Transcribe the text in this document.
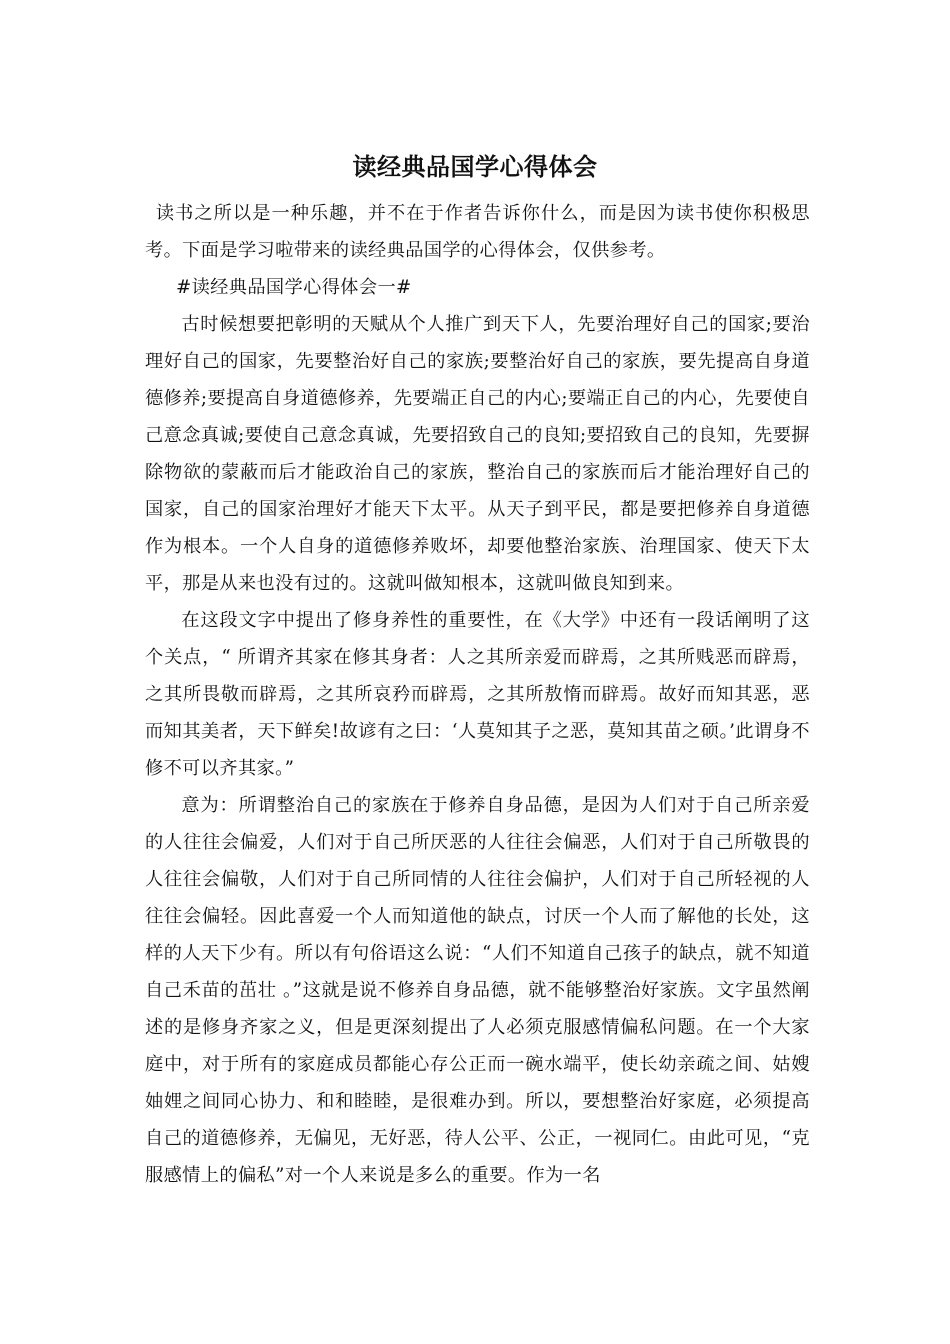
读经典品国学心得体会

读书之所以是一种乐趣，并不在于作者告诉你什么，而是因为读书使你积极思考。下面是学习啦带来的读经典品国学的心得体会，仅供参考。

#读经典品国学心得体会一#

古时候想要把彰明的天赋从个人推广到天下人，先要治理好自己的国家;要治理好自己的国家，先要整治好自己的家族;要整治好自己的家族，要先提高自身道德修养;要提高自身道德修养，先要端正自己的内心;要端正自己的内心，先要使自己意念真诚;要使自己意念真诚，先要招致自己的良知;要招致自己的良知，先要摒除物欲的蒙蔽而后才能政治自己的家族，整治自己的家族而后才能治理好自己的国家，自己的国家治理好才能天下太平。从天子到平民，都是要把修养自身道德作为根本。一个人自身的道德修养败坏，却要他整治家族、治理国家、使天下太平，那是从来也没有过的。这就叫做知根本，这就叫做良知到来。

在这段文字中提出了修身养性的重要性，在《大学》中还有一段话阐明了这个关点，“ 所谓齐其家在修其身者：人之其所亲爱而辟焉，之其所贱恶而辟焉，之其所畏敬而辟焉，之其所哀矜而辟焉，之其所敖惰而辟焉。故好而知其恶，恶而知其美者，天下鲜矣!故谚有之曰：‘人莫知其子之恶，莫知其苗之硕。’此谓身不修不可以齐其家。”

意为：所谓整治自己的家族在于修养自身品德，是因为人们对于自己所亲爱的人往往会偏爱，人们对于自己所厌恶的人往往会偏恶，人们对于自己所敬畏的人往往会偏敬，人们对于自己所同情的人往往会偏护，人们对于自己所轻视的人往往会偏轻。因此喜爱一个人而知道他的缺点，讨厌一个人而了解他的长处，这样的人天下少有。所以有句俗语这么说：“人们不知道自己孩子的缺点，就不知道自己禾苗的茁壮 。”这就是说不修养自身品德，就不能够整治好家族。文字虽然阐述的是修身齐家之义，但是更深刻提出了人必须克服感情偏私问题。在一个大家庭中，对于所有的家庭成员都能心存公正而一碗水端平，使长幼亲疏之间、姑嫂妯娌之间同心协力、和和睦睦，是很难办到。所以，要想整治好家庭，必须提高自己的道德修养，无偏见，无好恶，待人公平、公正，一视同仁。由此可见，“克服感情上的偏私”对一个人来说是多么的重要。作为一名
